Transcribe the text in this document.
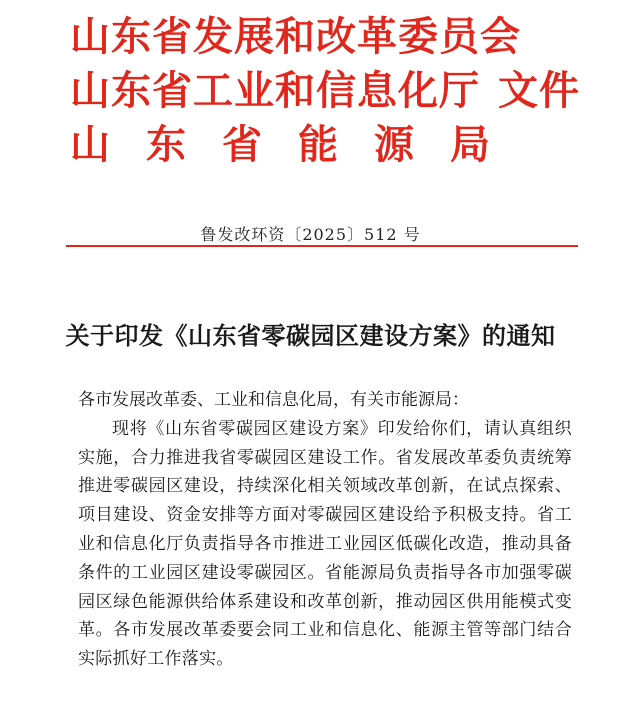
山东省发展和改革委员会
山东省工业和信息化厅 文件
山东省能源局
鲁发改环资〔2025〕512 号
关于印发《山东省零碳园区建设方案》的通知

各市发展改革委、工业和信息化局，有关市能源局：

现将《山东省零碳园区建设方案》印发给你们，请认真组织实施，合力推进我省零碳园区建设工作。省发展改革委负责统筹推进零碳园区建设，持续深化相关领域改革创新，在试点探索、项目建设、资金安排等方面对零碳园区建设给予积极支持。省工业和信息化厅负责指导各市推进工业园区低碳化改造，推动具备条件的工业园区建设零碳园区。省能源局负责指导各市加强零碳园区绿色能源供给体系建设和改革创新，推动园区供用能模式变革。各市发展改革委要会同工业和信息化、能源主管等部门结合实际抓好工作落实。
